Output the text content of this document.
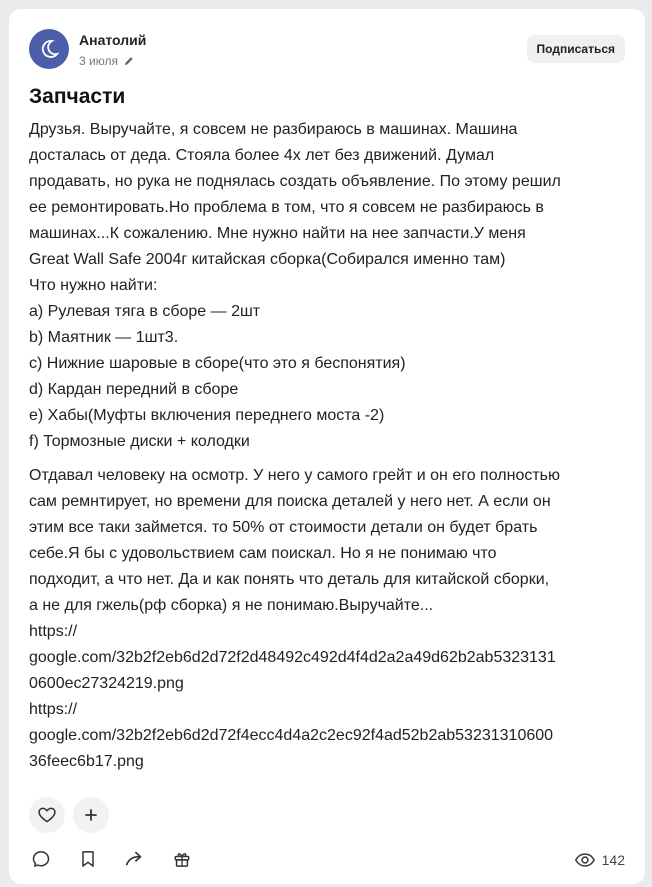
Анатолий
3 июля
Подписаться
Запчасти

Друзья. Выручайте, я совсем не разбираюсь в машинах. Машина
досталась от деда. Стояла более 4х лет без движений. Думал
продавать, но рука не поднялась создать объявление. По этому решил
ее ремонтировать.Но проблема в том, что я совсем не разбираюсь в
машинах...К сожалению. Мне нужно найти на нее запчасти.У меня
Great Wall Safe 2004г китайская сборка(Собирался именно там)
Что нужно найти:
a) Рулевая тяга в сборе — 2шт
b) Маятник — 1шт3.
c) Нижние шаровые в сборе(что это я беспонятия)
d) Кардан передний в сборе
e) Хабы(Муфты включения переднего моста -2)
f) Тормозные диски + колодки

Отдавал человеку на осмотр. У него у самого грейт и он его полностью
сам ремнтирует, но времени для поиска деталей у него нет. А если он
этим все таки займется. то 50% от стоимости детали он будет брать
себе.Я бы с удовольствием сам поискал. Но я не понимаю что
подходит, а что нет. Да и как понять что деталь для китайской сборки,
а не для гжель(рф сборка) я не понимаю.Выручайте...
https://
google.com/32b2f2eb6d2d72f2d48492c492d4f4d2a2a49d62b2ab5323131
0600ec27324219.png
https://
google.com/32b2f2eb6d2d72f4ecc4d4a2c2ec92f4ad52b2ab53231310600
36feec6b17.png

142
